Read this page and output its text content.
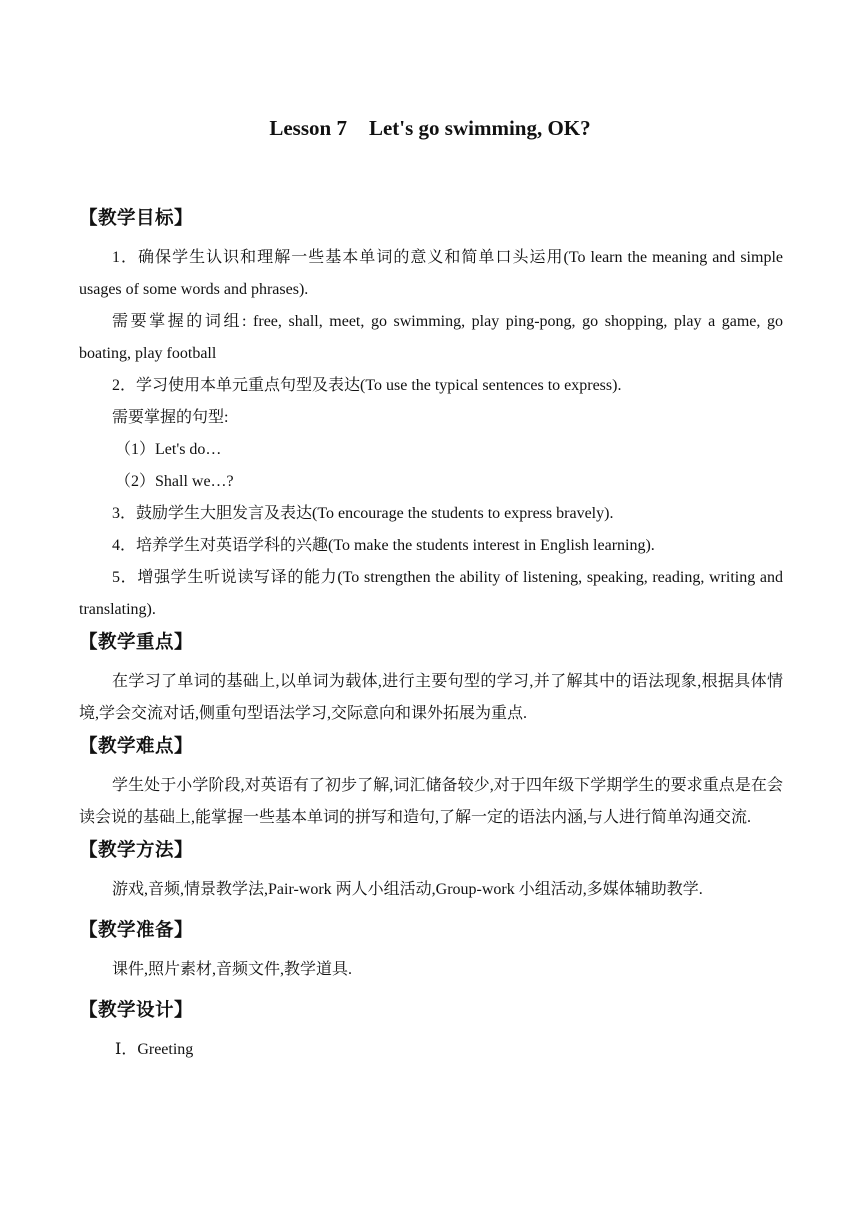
Lesson 7 Let's go swimming, OK?
【教学目标】

1．确保学生认识和理解一些基本单词的意义和简单口头运用(To learn the meaning and simple usages of some words and phrases).

需要掌握的词组: free, shall, meet, go swimming, play ping-pong, go shopping, play a game, go boating, play football

2．学习使用本单元重点句型及表达(To use the typical sentences to express).

需要掌握的句型:

（1）Let's do…

（2）Shall we…?

3．鼓励学生大胆发言及表达(To encourage the students to express bravely).

4．培养学生对英语学科的兴趣(To make the students interest in English learning).

5．增强学生听说读写译的能力(To strengthen the ability of listening, speaking, reading, writing and translating).

【教学重点】

在学习了单词的基础上,以单词为载体,进行主要句型的学习,并了解其中的语法现象,根据具体情境,学会交流对话,侧重句型语法学习,交际意向和课外拓展为重点.

【教学难点】

学生处于小学阶段,对英语有了初步了解,词汇储备较少,对于四年级下学期学生的要求重点是在会读会说的基础上,能掌握一些基本单词的拼写和造句,了解一定的语法内涵,与人进行简单沟通交流.

【教学方法】

游戏,音频,情景教学法,Pair-work 两人小组活动,Group-work 小组活动,多媒体辅助教学.

【教学准备】

课件,照片素材,音频文件,教学道具.

【教学设计】

Ⅰ．Greeting
